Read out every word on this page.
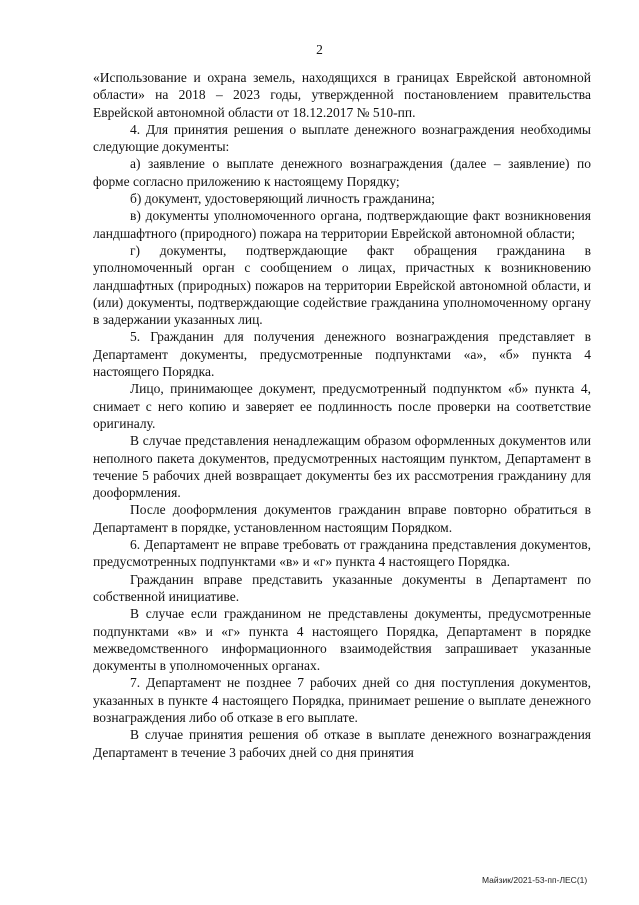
2

«Использование и охрана земель, находящихся в границах Еврейской автономной области» на 2018 – 2023 годы, утвержденной постановлением правительства Еврейской автономной области от 18.12.2017 № 510-пп.

4. Для принятия решения о выплате денежного вознаграждения необходимы следующие документы:

а) заявление о выплате денежного вознаграждения (далее – заявление) по форме согласно приложению к настоящему Порядку;

б) документ, удостоверяющий личность гражданина;

в) документы уполномоченного органа, подтверждающие факт возникновения ландшафтного (природного) пожара на территории Еврейской автономной области;

г) документы, подтверждающие факт обращения гражданина в уполномоченный орган с сообщением о лицах, причастных к возникновению ландшафтных (природных) пожаров на территории Еврейской автономной области, и (или) документы, подтверждающие содействие гражданина уполномоченному органу в задержании указанных лиц.

5. Гражданин для получения денежного вознаграждения представляет в Департамент документы, предусмотренные подпунктами «а», «б» пункта 4 настоящего Порядка.

Лицо, принимающее документ, предусмотренный подпунктом «б» пункта 4, снимает с него копию и заверяет ее подлинность после проверки на соответствие оригиналу.

В случае представления ненадлежащим образом оформленных документов или неполного пакета документов, предусмотренных настоящим пунктом, Департамент в течение 5 рабочих дней возвращает документы без их рассмотрения гражданину для дооформления.

После дооформления документов гражданин вправе повторно обратиться в Департамент в порядке, установленном настоящим Порядком.

6. Департамент не вправе требовать от гражданина представления документов, предусмотренных подпунктами «в» и «г» пункта 4 настоящего Порядка.

Гражданин вправе представить указанные документы в Департамент по собственной инициативе.

В случае если гражданином не представлены документы, предусмотренные подпунктами «в» и «г» пункта 4 настоящего Порядка, Департамент в порядке межведомственного информационного взаимодействия запрашивает указанные документы в уполномоченных органах.

7. Департамент не позднее 7 рабочих дней со дня поступления документов, указанных в пункте 4 настоящего Порядка, принимает решение о выплате денежного вознаграждения либо об отказе в его выплате.

В случае принятия решения об отказе в выплате денежного вознаграждения Департамент в течение 3 рабочих дней со дня принятия

Майзик/2021-53-пп-ЛЕС(1)
